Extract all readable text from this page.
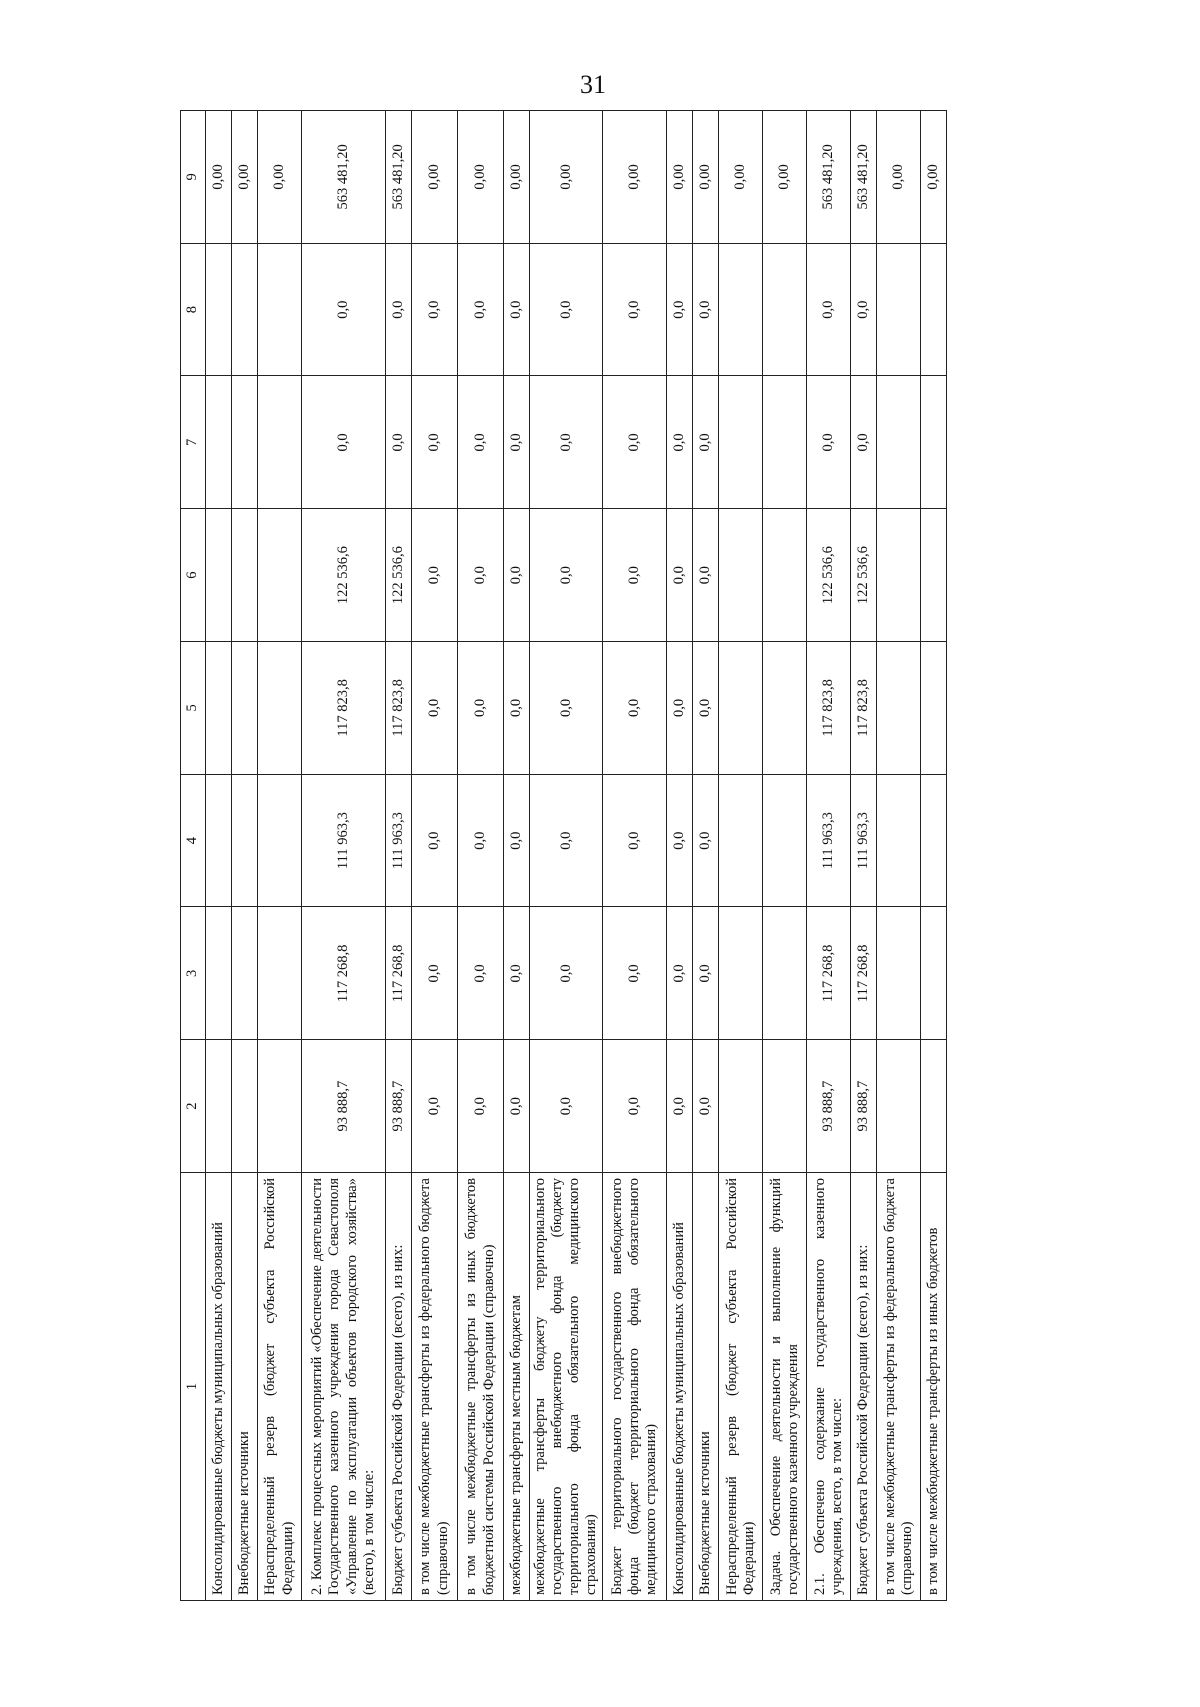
31
1	2	3	4	5	6	7	8	9
Консолидированные бюджеты муниципальных образований								0,00
Внебюджетные источники								0,00
Нераспределенный резерв (бюджет субъекта Российской Федерации)								0,00
2. Комплекс процессных мероприятий «Обеспечение деятельности Государственного казенного учреждения города Севастополя «Управление по эксплуатации объектов городского хозяйства» (всего), в том числе:	93 888,7	117 268,8	111 963,3	117 823,8	122 536,6	0,0	0,0	563 481,20
Бюджет субъекта Российской Федерации (всего), из них:	93 888,7	117 268,8	111 963,3	117 823,8	122 536,6	0,0	0,0	563 481,20
в том числе межбюджетные трансферты из федерального бюджета (справочно)	0,0	0,0	0,0	0,0	0,0	0,0	0,0	0,00
в том числе межбюджетные трансферты из иных бюджетов бюджетной системы Российской Федерации (справочно)	0,0	0,0	0,0	0,0	0,0	0,0	0,0	0,00
межбюджетные трансферты местным бюджетам	0,0	0,0	0,0	0,0	0,0	0,0	0,0	0,00
межбюджетные трансферты бюджету территориального государственного внебюджетного фонда (бюджету территориального фонда обязательного медицинского страхования)	0,0	0,0	0,0	0,0	0,0	0,0	0,0	0,00
Бюджет территориального государственного внебюджетного фонда (бюджет территориального фонда обязательного медицинского страхования)	0,0	0,0	0,0	0,0	0,0	0,0	0,0	0,00
Консолидированные бюджеты муниципальных образований	0,0	0,0	0,0	0,0	0,0	0,0	0,0	0,00
Внебюджетные источники	0,0	0,0	0,0	0,0	0,0	0,0	0,0	0,00
Нераспределенный резерв (бюджет субъекта Российской Федерации)								0,00
Задача. Обеспечение деятельности и выполнение функций государственного казенного учреждения								0,00
2.1. Обеспечено содержание государственного казенного учреждения, всего, в том числе:	93 888,7	117 268,8	111 963,3	117 823,8	122 536,6	0,0	0,0	563 481,20
Бюджет субъекта Российской Федерации (всего), из них:	93 888,7	117 268,8	111 963,3	117 823,8	122 536,6	0,0	0,0	563 481,20
в том числе межбюджетные трансферты из федерального бюджета (справочно)								0,00
в том числе межбюджетные трансферты из иных бюджетов								0,00
